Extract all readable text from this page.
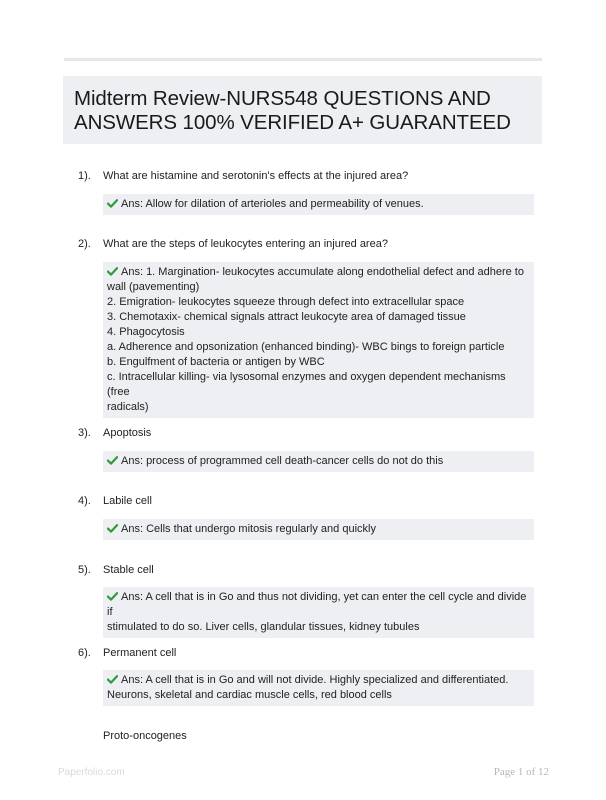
Midterm Review-NURS548 QUESTIONS AND
ANSWERS 100% VERIFIED A+ GUARANTEED
1). What are histamine and serotonin's effects at the injured area?
Ans: Allow for dilation of arterioles and permeability of venues.
2). What are the steps of leukocytes entering an injured area?
Ans: 1. Margination- leukocytes accumulate along endothelial defect and adhere to
wall (pavementing)
2. Emigration- leukocytes squeeze through defect into extracellular space
3. Chemotaxix- chemical signals attract leukocyte area of damaged tissue
4. Phagocytosis
a. Adherence and opsonization (enhanced binding)- WBC bings to foreign particle
b. Engulfment of bacteria or antigen by WBC
c. Intracellular killing- via lysosomal enzymes and oxygen dependent mechanisms (free
radicals)
3). Apoptosis
Ans: process of programmed cell death-cancer cells do not do this
4). Labile cell
Ans: Cells that undergo mitosis regularly and quickly
5). Stable cell
Ans: A cell that is in Go and thus not dividing, yet can enter the cell cycle and divide if
stimulated to do so. Liver cells, glandular tissues, kidney tubules
6). Permanent cell
Ans: A cell that is in Go and will not divide. Highly specialized and differentiated.
Neurons, skeletal and cardiac muscle cells, red blood cells
Proto-oncogenes
Paperfolio.com	Page 1 of 12
